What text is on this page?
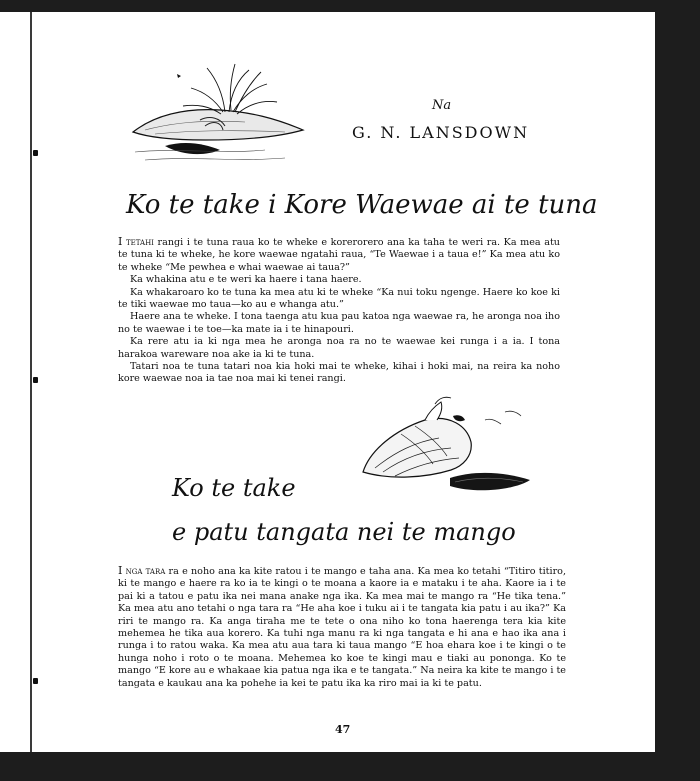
Na
G. N. LANSDOWN
Ko te take i Kore Waewae ai te tuna

I tetahi rangi i te tuna raua ko te wheke e korerorero ana ka taha te weri ra. Ka mea atu te tuna ki te wheke, he kore waewae ngatahi raua, “Te Waewae i a taua e!” Ka mea atu ko te wheke “Me pewhea e whai waewae ai taua?”

Ka whakina atu e te weri ka haere i tana haere.

Ka whakaroaro ko te tuna ka mea atu ki te wheke “Ka nui toku ngenge. Haere ko koe ki te tiki waewae mo taua—ko au e whanga atu.”

Haere ana te wheke. I tona taenga atu kua pau katoa nga waewae ra, he aronga noa iho no te waewae i te toe—ka mate ia i te hinapouri.

Ka rere atu ia ki nga mea he aronga noa ra no te waewae kei runga i a ia. I tona harakoa wareware noa ake ia ki te tuna.

Tatari noa te tuna tatari noa kia hoki mai te wheke, kihai i hoki mai, na reira ka noho kore waewae noa ia tae noa mai ki tenei rangi.

Ko te take
e patu tangata nei te mango

I nga tara ra e noho ana ka kite ratou i te mango e taha ana. Ka mea ko tetahi “Titiro titiro, ki te mango e haere ra ko ia te kingi o te moana a kaore ia e mataku i te aha. Kaore ia i te pai ki a tatou e patu ika nei mana anake nga ika. Ka mea mai te mango ra “He tika tena.” Ka mea atu ano tetahi o nga tara ra “He aha koe i tuku ai i te tangata kia patu i au ika?” Ka riri te mango ra. Ka anga tiraha me te tete o ona niho ko tona haerenga tera kia kite mehemea he tika aua korero. Ka tuhi nga manu ra ki nga tangata e hi ana e hao ika ana i runga i to ratou waka. Ka mea atu aua tara ki taua mango “E hoa ehara koe i te kingi o te hunga noho i roto o te moana. Mehemea ko koe te kingi mau e tiaki au pononga. Ko te mango “E kore au e whakaae kia patua nga ika e te tangata.” Na neira ka kite te mango i te tangata e kaukau ana ka pohehe ia kei te patu ika ka riro mai ia ki te patu.

47
